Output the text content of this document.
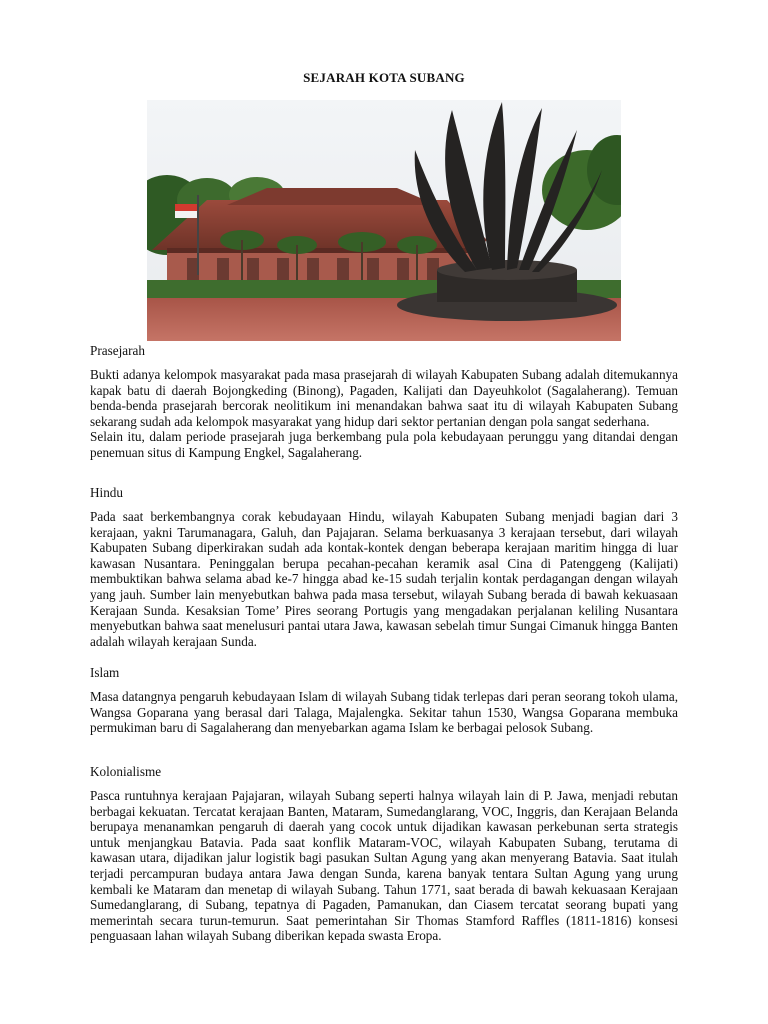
SEJARAH KOTA SUBANG
Prasejarah

Bukti adanya kelompok masyarakat pada masa prasejarah di wilayah Kabupaten Subang adalah ditemukannya kapak batu di daerah Bojongkeding (Binong), Pagaden, Kalijati dan Dayeuhkolot (Sagalaherang). Temuan benda-benda prasejarah bercorak neolitikum ini menandakan bahwa saat itu di wilayah Kabupaten Subang sekarang sudah ada kelompok masyarakat yang hidup dari sektor pertanian dengan pola sangat sederhana.

Selain itu, dalam periode prasejarah juga berkembang pula pola kebudayaan perunggu yang ditandai dengan penemuan situs di Kampung Engkel, Sagalaherang.

Hindu

Pada saat berkembangnya corak kebudayaan Hindu, wilayah Kabupaten Subang menjadi bagian dari 3 kerajaan, yakni Tarumanagara, Galuh, dan Pajajaran. Selama berkuasanya 3 kerajaan tersebut, dari wilayah Kabupaten Subang diperkirakan sudah ada kontak-kontek dengan beberapa kerajaan maritim hingga di luar kawasan Nusantara. Peninggalan berupa pecahan-pecahan keramik asal Cina di Patenggeng (Kalijati) membuktikan bahwa selama abad ke-7 hingga abad ke-15 sudah terjalin kontak perdagangan dengan wilayah yang jauh. Sumber lain menyebutkan bahwa pada masa tersebut, wilayah Subang berada di bawah kekuasaan Kerajaan Sunda. Kesaksian Tome’ Pires seorang Portugis yang mengadakan perjalanan keliling Nusantara menyebutkan bahwa saat menelusuri pantai utara Jawa, kawasan sebelah timur Sungai Cimanuk hingga Banten adalah wilayah kerajaan Sunda.

Islam

Masa datangnya pengaruh kebudayaan Islam di wilayah Subang tidak terlepas dari peran seorang tokoh ulama, Wangsa Goparana yang berasal dari Talaga, Majalengka. Sekitar tahun 1530, Wangsa Goparana membuka permukiman baru di Sagalaherang dan menyebarkan agama Islam ke berbagai pelosok Subang.

Kolonialisme

Pasca runtuhnya kerajaan Pajajaran, wilayah Subang seperti halnya wilayah lain di P. Jawa, menjadi rebutan berbagai kekuatan. Tercatat kerajaan Banten, Mataram, Sumedanglarang, VOC, Inggris, dan Kerajaan Belanda berupaya menanamkan pengaruh di daerah yang cocok untuk dijadikan kawasan perkebunan serta strategis untuk menjangkau Batavia. Pada saat konflik Mataram-VOC, wilayah Kabupaten Subang, terutama di kawasan utara, dijadikan jalur logistik bagi pasukan Sultan Agung yang akan menyerang Batavia. Saat itulah terjadi percampuran budaya antara Jawa dengan Sunda, karena banyak tentara Sultan Agung yang urung kembali ke Mataram dan menetap di wilayah Subang. Tahun 1771, saat berada di bawah kekuasaan Kerajaan Sumedanglarang, di Subang, tepatnya di Pagaden, Pamanukan, dan Ciasem tercatat seorang bupati yang memerintah secara turun-temurun. Saat pemerintahan Sir Thomas Stamford Raffles (1811-1816) konsesi penguasaan lahan wilayah Subang diberikan kepada swasta Eropa.
